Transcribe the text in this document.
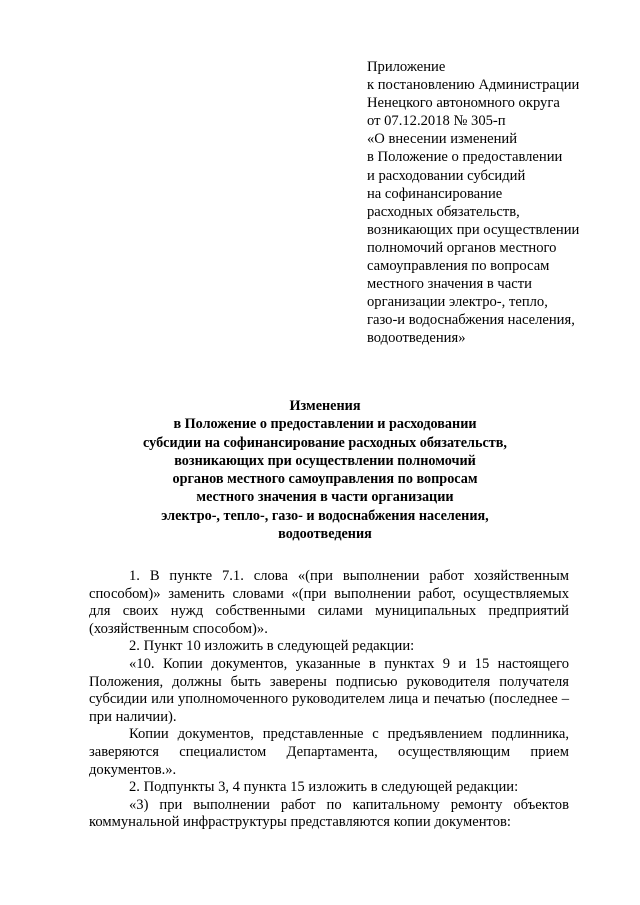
Приложение
к постановлению Администрации
Ненецкого автономного округа
от 07.12.2018 № 305-п
«О внесении изменений
в Положение о предоставлении
и расходовании субсидий
на софинансирование
расходных обязательств,
возникающих при осуществлении
полномочий органов местного
самоуправления по вопросам
местного значения в части
организации электро-, тепло,
газо-и водоснабжения населения,
водоотведения»
Изменения
в Положение о предоставлении и расходовании
субсидии на софинансирование расходных обязательств,
возникающих при осуществлении полномочий
органов местного самоуправления по вопросам
местного значения в части организации
электро-, тепло-, газо- и водоснабжения населения,
водоотведения

1. В пункте 7.1. слова «(при выполнении работ хозяйственным способом)» заменить словами «(при выполнении работ, осуществляемых для своих нужд собственными силами муниципальных предприятий (хозяйственным способом)».

2. Пункт 10 изложить в следующей редакции:

«10. Копии документов, указанные в пунктах 9 и 15 настоящего Положения, должны быть заверены подписью руководителя получателя субсидии или уполномоченного руководителем лица и печатью (последнее – при наличии).

Копии документов, представленные с предъявлением подлинника, заверяются специалистом Департамента, осуществляющим прием документов.».

2. Подпункты 3, 4 пункта 15 изложить в следующей редакции:

«3) при выполнении работ по капитальному ремонту объектов коммунальной инфраструктуры представляются копии документов:
